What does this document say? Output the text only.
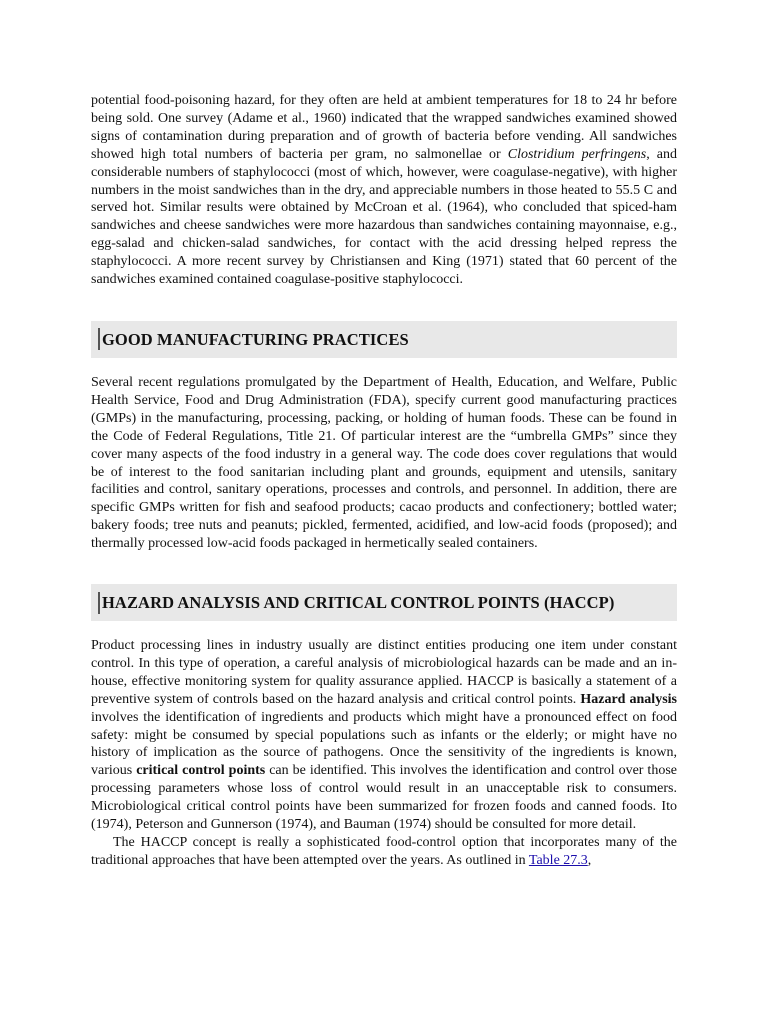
potential food-poisoning hazard, for they often are held at ambient temperatures for 18 to 24 hr before being sold. One survey (Adame et al., 1960) indicated that the wrapped sandwiches examined showed signs of contamination during preparation and of growth of bacteria before vending. All sandwiches showed high total numbers of bacteria per gram, no salmonellae or Clostridium perfringens, and considerable numbers of staphylococci (most of which, however, were coagulase-negative), with higher numbers in the moist sandwiches than in the dry, and appreciable numbers in those heated to 55.5 C and served hot. Similar results were obtained by McCroan et al. (1964), who concluded that spiced-ham sandwiches and cheese sandwiches were more hazardous than sandwiches containing mayonnaise, e.g., egg-salad and chicken-salad sandwiches, for contact with the acid dressing helped repress the staphylococci. A more recent survey by Christiansen and King (1971) stated that 60 percent of the sandwiches examined contained coagulase-positive staphylococci.

GOOD MANUFACTURING PRACTICES

Several recent regulations promulgated by the Department of Health, Education, and Welfare, Public Health Service, Food and Drug Administration (FDA), specify current good manufacturing practices (GMPs) in the manufacturing, processing, packing, or holding of human foods. These can be found in the Code of Federal Regulations, Title 21. Of particular interest are the “umbrella GMPs” since they cover many aspects of the food industry in a general way. The code does cover regulations that would be of interest to the food sanitarian including plant and grounds, equipment and utensils, sanitary facilities and control, sanitary operations, processes and controls, and personnel. In addition, there are specific GMPs written for fish and seafood products; cacao products and confectionery; bottled water; bakery foods; tree nuts and peanuts; pickled, fermented, acidified, and low-acid foods (proposed); and thermally processed low-acid foods packaged in hermetically sealed containers.

HAZARD ANALYSIS AND CRITICAL CONTROL POINTS (HACCP)

Product processing lines in industry usually are distinct entities producing one item under constant control. In this type of operation, a careful analysis of microbiological hazards can be made and an in-house, effective monitoring system for quality assurance applied. HACCP is basically a statement of a preventive system of controls based on the hazard analysis and critical control points. Hazard analysis involves the identification of ingredients and products which might have a pronounced effect on food safety: might be consumed by special populations such as infants or the elderly; or might have no history of implication as the source of pathogens. Once the sensitivity of the ingredients is known, various critical control points can be identified. This involves the identification and control over those processing parameters whose loss of control would result in an unacceptable risk to consumers. Microbiological critical control points have been summarized for frozen foods and canned foods. Ito (1974), Peterson and Gunnerson (1974), and Bauman (1974) should be consulted for more detail.

The HACCP concept is really a sophisticated food-control option that incorporates many of the traditional approaches that have been attempted over the years. As outlined in Table 27.3,
